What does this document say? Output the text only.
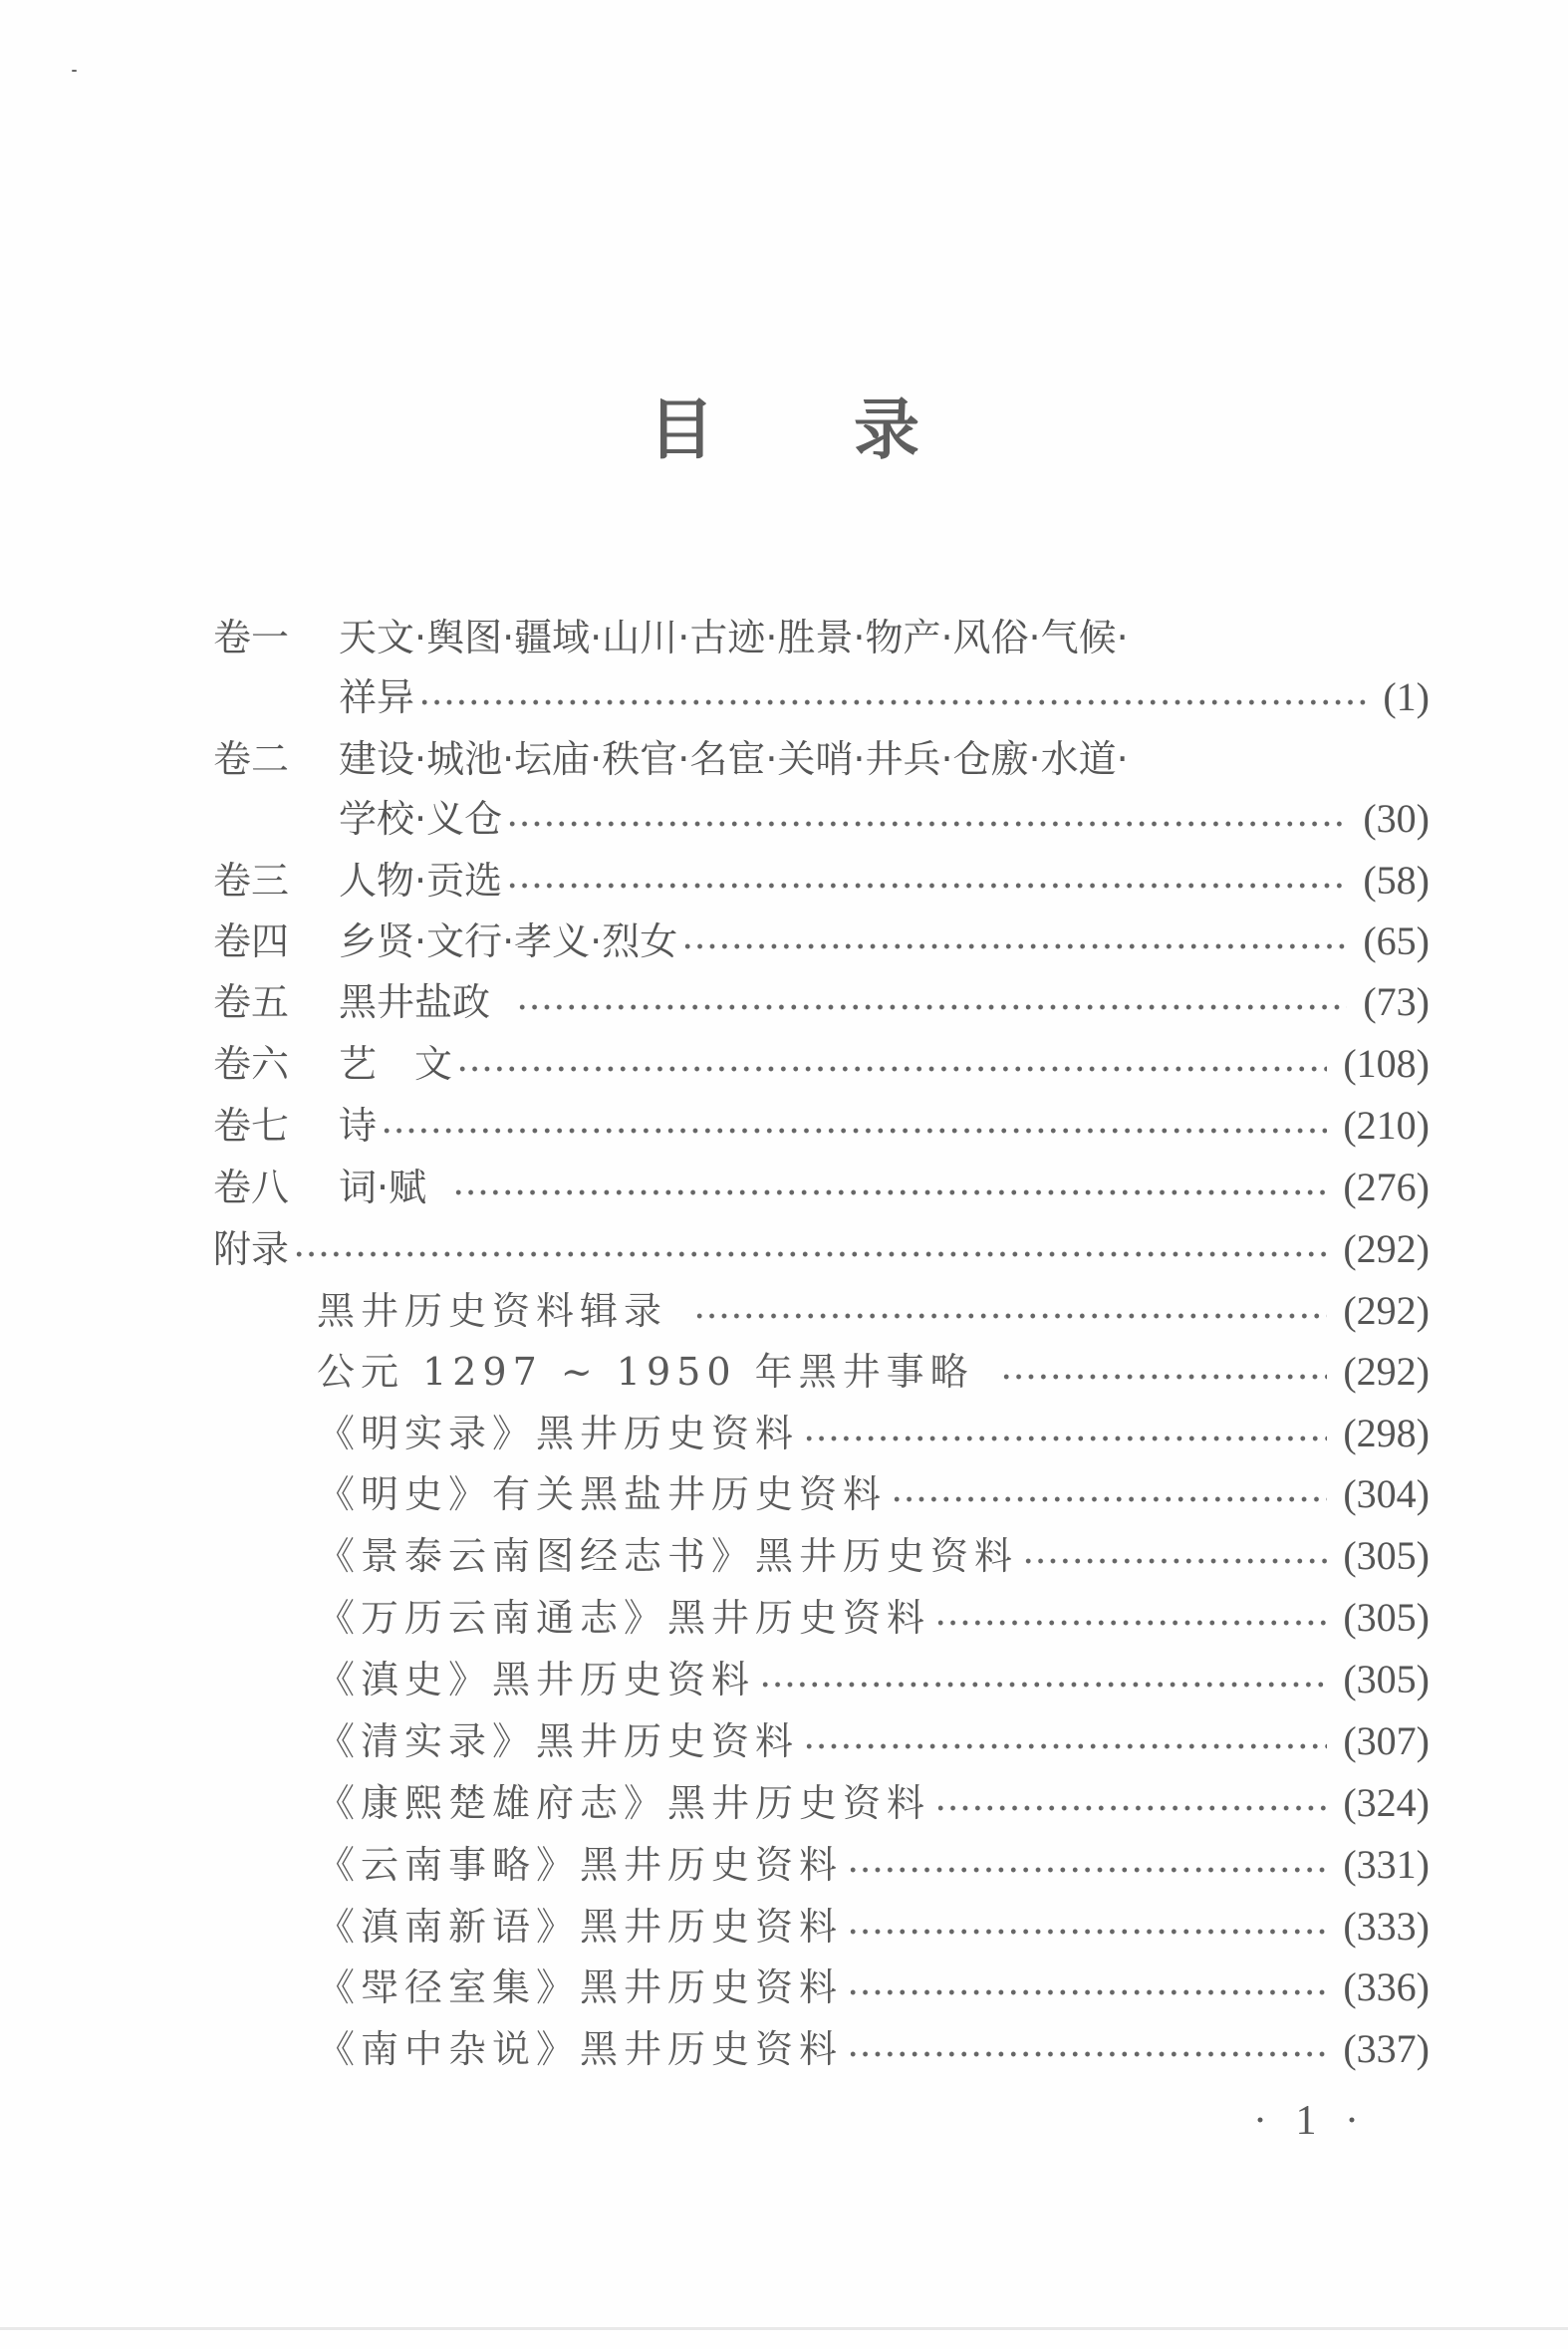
目 录
卷一 天文·舆图·疆域·山川·古迹·胜景·物产·风俗·气候·
祥异	(1)
卷二 建设·城池·坛庙·秩官·名宦·关哨·井兵·仓廒·水道·
学校·义仓	(30)
卷三 人物·贡选	(58)
卷四 乡贤·文行·孝义·烈女	(65)
卷五 黑井盐政	(73)
卷六 艺　文	(108)
卷七 诗	(210)
卷八 词·赋	(276)
附录	(292)
黑井历史资料辑录	(292)
公元 1297 ~ 1950 年黑井事略	(292)
《明实录》黑井历史资料	(298)
《明史》有关黑盐井历史资料	(304)
《景泰云南图经志书》黑井历史资料	(305)
《万历云南通志》黑井历史资料	(305)
《滇史》黑井历史资料	(305)
《清实录》黑井历史资料	(307)
《康熙楚雄府志》黑井历史资料	(324)
《云南事略》黑井历史资料	(331)
《滇南新语》黑井历史资料	(333)
《斝径室集》黑井历史资料	(336)
《南中杂说》黑井历史资料	(337)
· 1 ·
